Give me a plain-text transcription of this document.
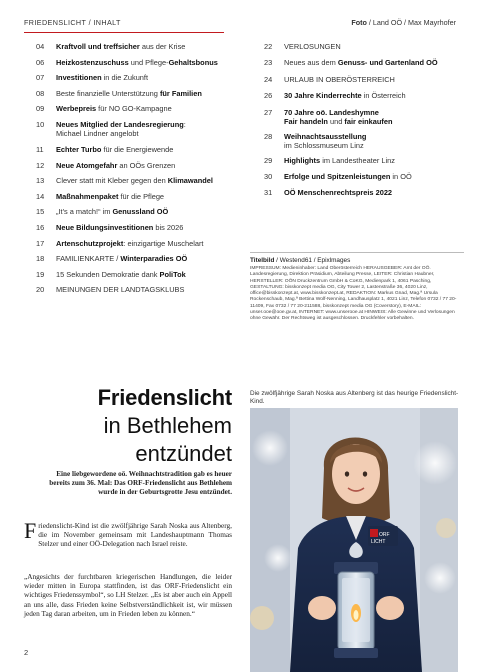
FRIEDENSLICHT / INHALT	Foto / Land OÖ / Max Mayrhofer
04	Kraftvoll und treffsicher aus der Krise
06	Heizkostenzuschuss und Pflege-Gehaltsbonus
07	Investitionen in die Zukunft
08	Beste finanzielle Unterstützung für Familien
09	Werbepreis für NO GO-Kampagne
10	Neues Mitglied der Landesregierung:
Michael Lindner angelobt
11	Echter Turbo für die Energiewende
12	Neue Atomgefahr an OÖs Grenzen
13	Clever statt mit Kleber gegen den Klimawandel
14	Maßnahmenpaket für die Pflege
15	„It's a match!“ im Genussland OÖ
16	Neue Bildungsinvestitionen bis 2026
17	Artenschutzprojekt: einzigartige Muschelart
18	FAMILIENKARTE / Winterparadies OÖ
19	15 Sekunden Demokratie dank PoliTok
20	MEINUNGEN DER LANDTAGSKLUBS
22	VERLOSUNGEN
23	Neues aus dem Genuss- und Gartenland OÖ
24	URLAUB IN OBERÖSTERREICH
26	30 Jahre Kinderrechte in Österreich
27	70 Jahre oö. Landeshymne
Fair handeln und fair einkaufen
28	Weihnachtsausstellung
im Schlossmuseum Linz
29	Highlights im Landestheater Linz
30	Erfolge und Spitzenleistungen in OÖ
31	OÖ Menschenrechtspreis 2022
Titelbild / Westend61 / Epixlmages
IMPRESSUM: Medieninhaber: Land Oberösterreich HERAUSGEBER: Amt der OÖ. Landesregierung, Direktion Präsidium, Abteilung Presse, LEITER: Christian Haubner, HERSTELLER: OÖN Druckzentrum GmbH & CoKG, Medienpark 1, 4061 Pasching, GESTALTUNG: bisskonzept media OG, City Tower 2, Lastenstraße 36, 4020 Linz, office@bisskonzept.at, www.bisskonzept.at, REDAKTION: Markus Gnad, Mag.ª Ursula Rockenschaub, Mag.ª Bettina Wolf-Nenning, Landhausplatz 1, 4021 Linz, Telefon 0732 / 77 20-11409, Fax 0732 / 77 20-211588, bisskonzept media OG (Coverstory), E-MAIL: unser.ooe@ooe.gv.at, INTERNET: www.unserooe.at HINWEIS: Alle Gewinne und Verlosungen ohne Gewähr. Der Rechtsweg ist ausgeschlossen. Druckfehler vorbehalten.
Friedenslicht
in Bethlehem
entzündet
Eine liebgewordene oö. Weihnachtstradition gab es heuer bereits zum 36. Mal: Das ORF-Friedenslicht aus Bethlehem wurde in der Geburtsgrotte Jesu entzündet.
Friedenslicht-Kind ist die zwölfjährige Sarah Noska aus Altenberg, die im November gemeinsam mit Landeshauptmann Thomas Stelzer und einer OÖ-Delegation nach Israel reiste.
„Angesichts der furchtbaren kriegerischen Handlungen, die leider wieder mitten in Europa stattfinden, ist das ORF-Friedenslicht ein wichtiges Friedenssymbol“, so LH Stelzer. „Es ist aber auch ein Appell an uns alle, dass Frieden keine Selbstverständlichkeit ist, wir müssen jeden Tag daran arbeiten, um in Frieden leben zu können.“
2
Die zwölfjährige Sarah Noska aus Altenberg ist das heurige Friedenslicht-Kind.
ORF
LICHT
